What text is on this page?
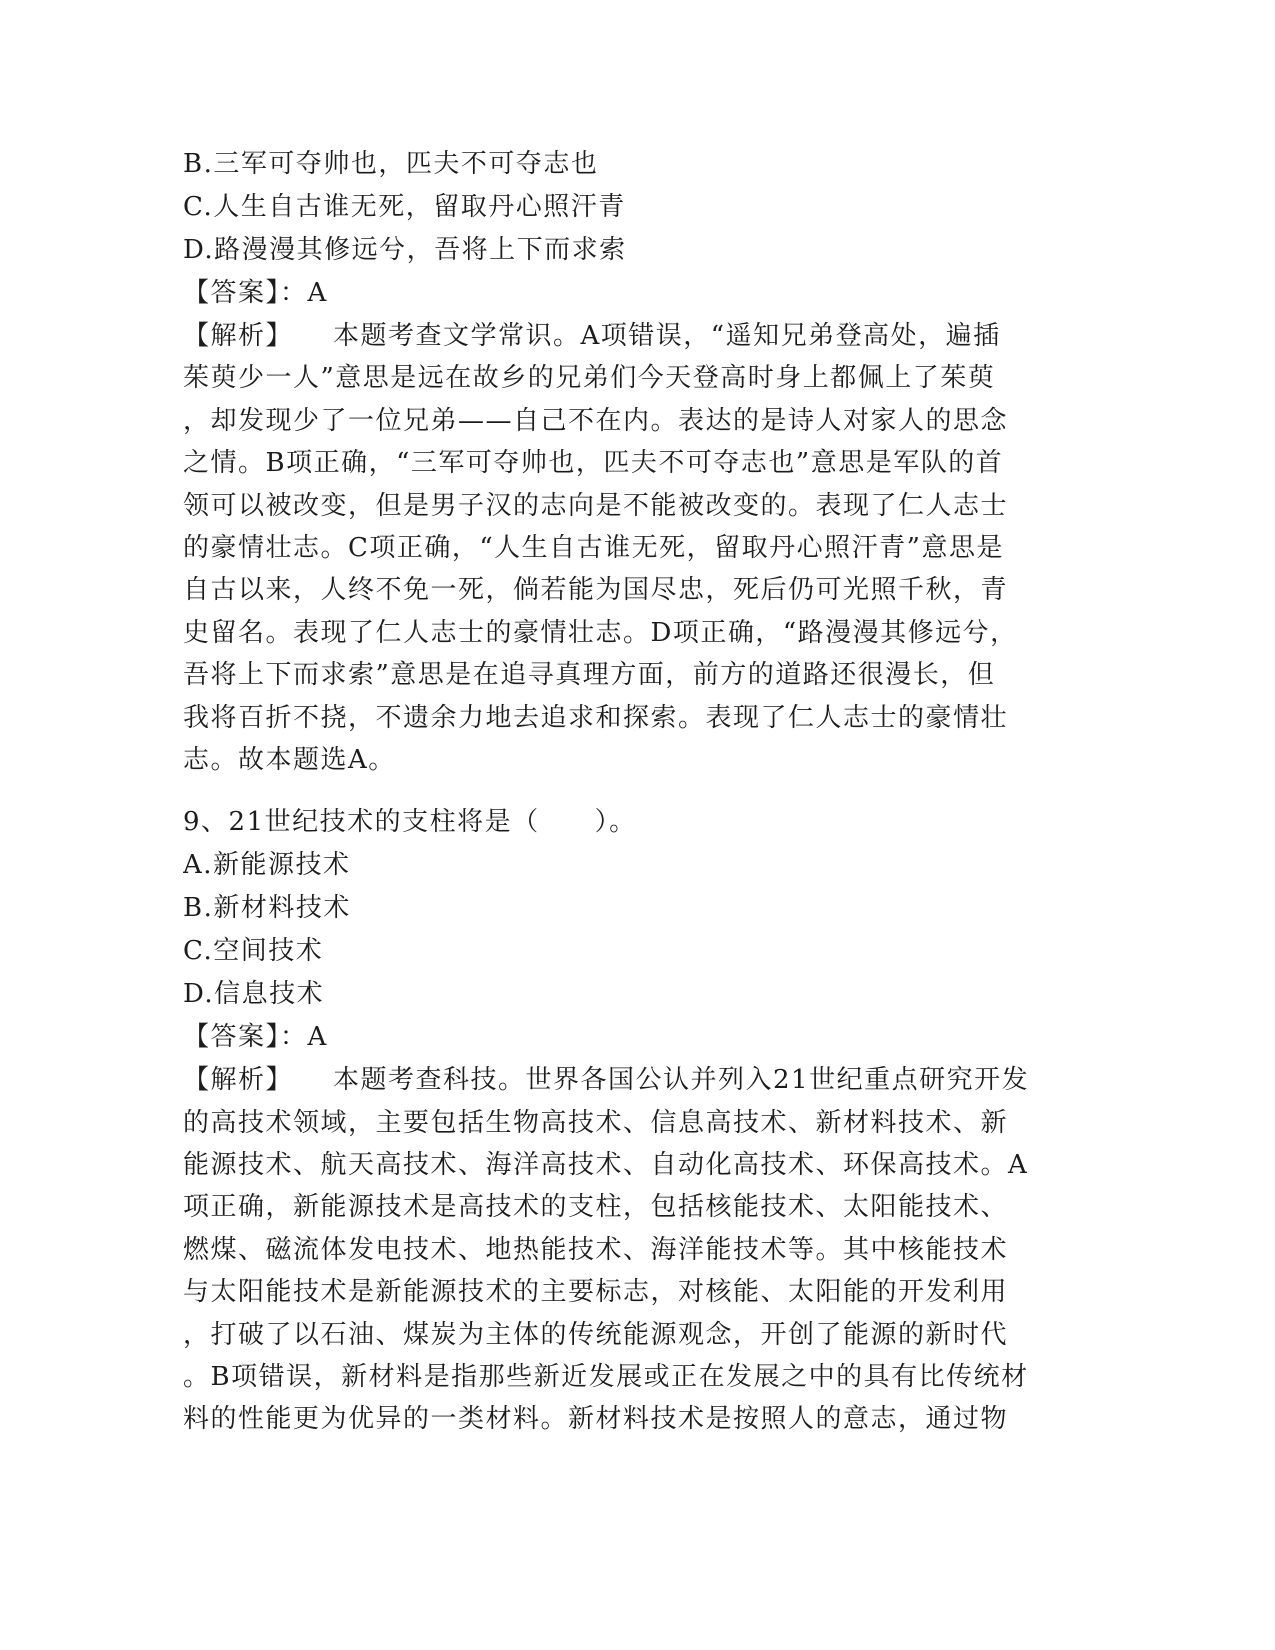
B.三军可夺帅也，匹夫不可夺志也
C.人生自古谁无死，留取丹心照汗青
D.路漫漫其修远兮，吾将上下而求索
【答案】：A
【解析】 本题考查文学常识。A项错误，“遥知兄弟登高处，遍插
茱萸少一人”意思是远在故乡的兄弟们今天登高时身上都佩上了茱萸
，却发现少了一位兄弟——自己不在内。表达的是诗人对家人的思念
之情。B项正确，“三军可夺帅也，匹夫不可夺志也”意思是军队的首
领可以被改变，但是男子汉的志向是不能被改变的。表现了仁人志士
的豪情壮志。C项正确，“人生自古谁无死，留取丹心照汗青”意思是
自古以来，人终不免一死，倘若能为国尽忠，死后仍可光照千秋，青
史留名。表现了仁人志士的豪情壮志。D项正确，“路漫漫其修远兮，
吾将上下而求索”意思是在追寻真理方面，前方的道路还很漫长，但
我将百折不挠，不遗余力地去追求和探索。表现了仁人志士的豪情壮
志。故本题选A。
9、21世纪技术的支柱将是（　　）。
A.新能源技术
B.新材料技术
C.空间技术
D.信息技术
【答案】：A
【解析】 本题考查科技。世界各国公认并列入21世纪重点研究开发
的高技术领域，主要包括生物高技术、信息高技术、新材料技术、新
能源技术、航天高技术、海洋高技术、自动化高技术、环保高技术。A
项正确，新能源技术是高技术的支柱，包括核能技术、太阳能技术、
燃煤、磁流体发电技术、地热能技术、海洋能技术等。其中核能技术
与太阳能技术是新能源技术的主要标志，对核能、太阳能的开发利用
，打破了以石油、煤炭为主体的传统能源观念，开创了能源的新时代
。B项错误，新材料是指那些新近发展或正在发展之中的具有比传统材
料的性能更为优异的一类材料。新材料技术是按照人的意志，通过物
